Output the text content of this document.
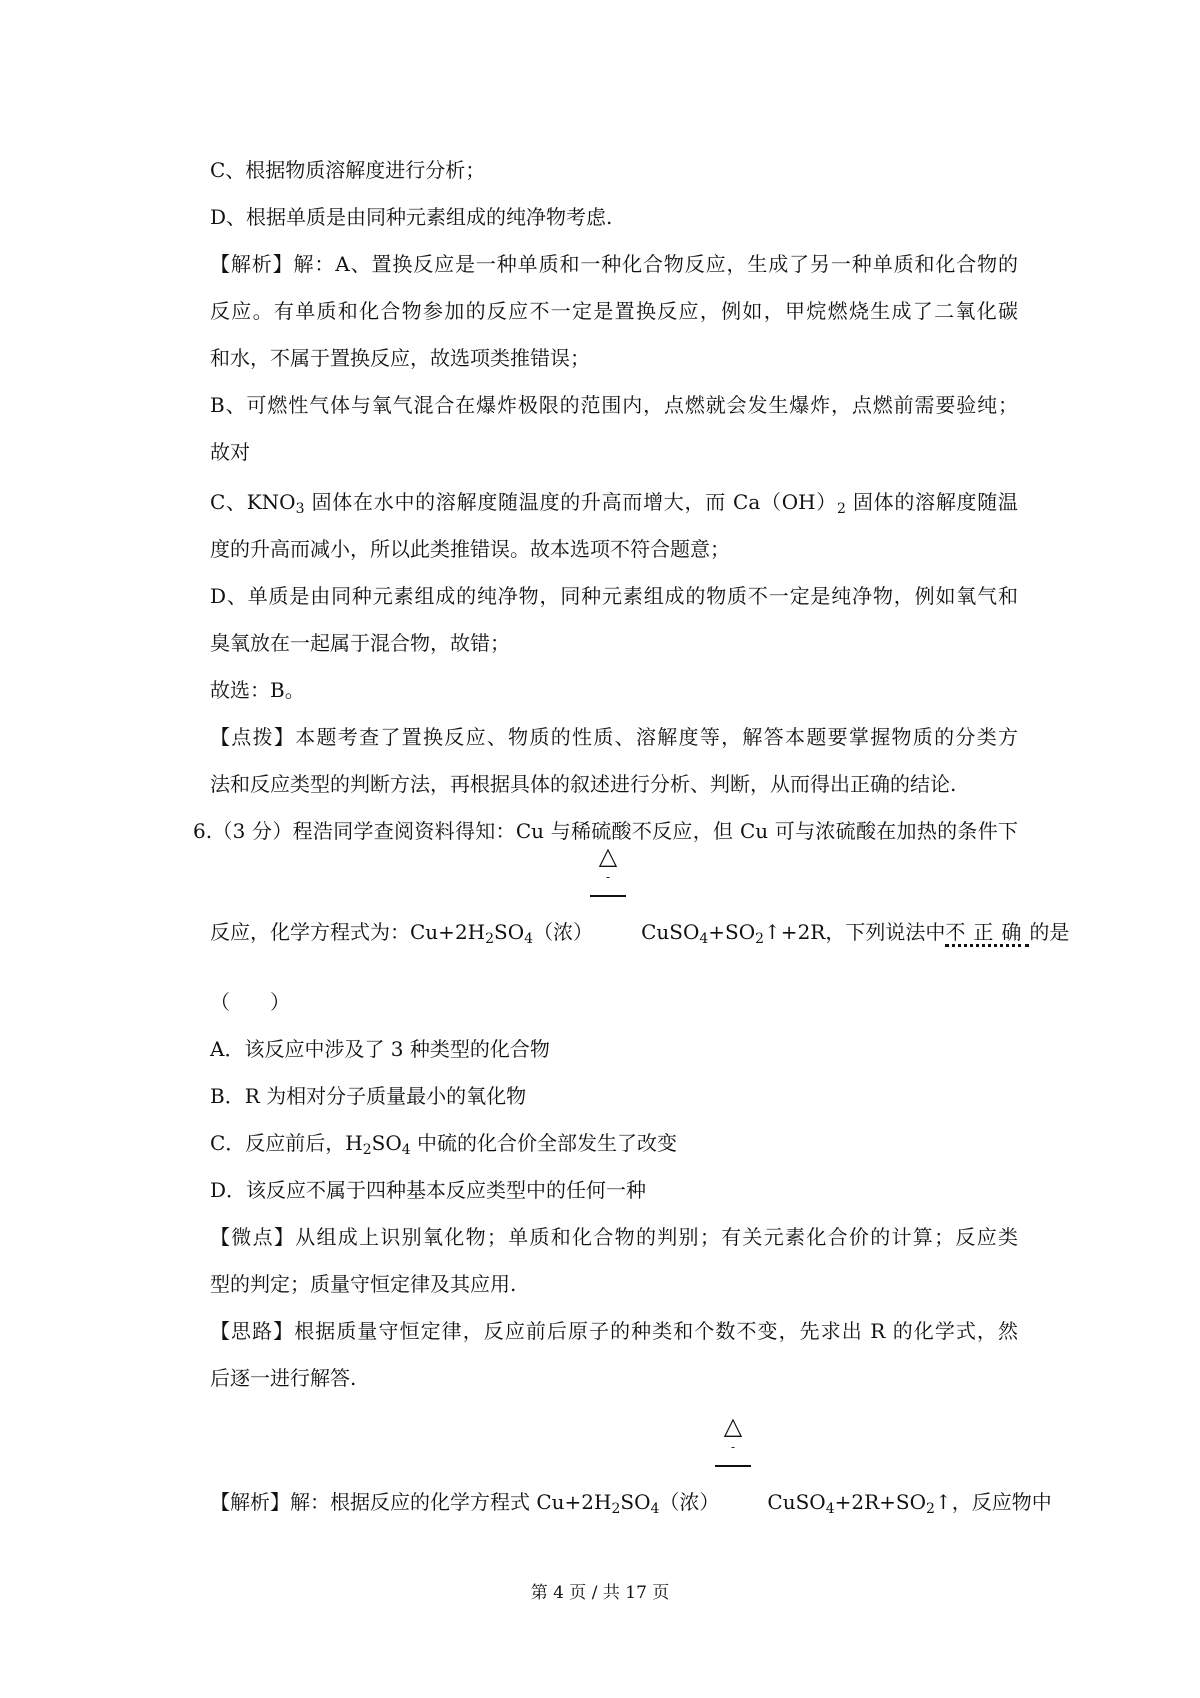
C、根据物质溶解度进行分析；
D、根据单质是由同种元素组成的纯净物考虑.
【解析】解：A、置换反应是一种单质和一种化合物反应，生成了另一种单质和化合物的
反应。有单质和化合物参加的反应不一定是置换反应，例如，甲烷燃烧生成了二氧化碳
和水，不属于置换反应，故选项类推错误；
B、可燃性气体与氧气混合在爆炸极限的范围内，点燃就会发生爆炸，点燃前需要验纯；
故对
C、$KNO_3$ 固体在水中的溶解度随温度的升高而增大，而 $Ca(OH)_2$ 固体的溶解度随温
度的升高而减小，所以此类推错误。故本选项不符合题意；
D、单质是由同种元素组成的纯净物，同种元素组成的物质不一定是纯净物，例如氧气和
臭氧放在一起属于混合物，故错；
故选：B。
【点拨】本题考查了置换反应、物质的性质、溶解度等，解答本题要掌握物质的分类方
法和反应类型的判断方法，再根据具体的叙述进行分析、判断，从而得出正确的结论.
6.（3 分）程浩同学查阅资料得知：Cu 与稀硫酸不反应，但 Cu 可与浓硫酸在加热的条件下
△
-
反应，化学方程式为：$Cu+2H_2SO_4$（浓） $CuSO_4+SO_2↑+2R$，下列说法中不正确的是
（　　）
A．该反应中涉及了 3 种类型的化合物
B．R 为相对分子质量最小的氧化物
C．反应前后，$H_2SO_4$ 中硫的化合价全部发生了改变
D．该反应不属于四种基本反应类型中的任何一种
【微点】从组成上识别氧化物；单质和化合物的判别；有关元素化合价的计算；反应类
型的判定；质量守恒定律及其应用.
【思路】根据质量守恒定律，反应前后原子的种类和个数不变，先求出 R 的化学式，然
后逐一进行解答.
△
-
【解析】解：根据反应的化学方程式 $Cu+2H_2SO_4$（浓） $CuSO_4+2R+SO_2↑$，反应物中
第 4 页 / 共 17 页
